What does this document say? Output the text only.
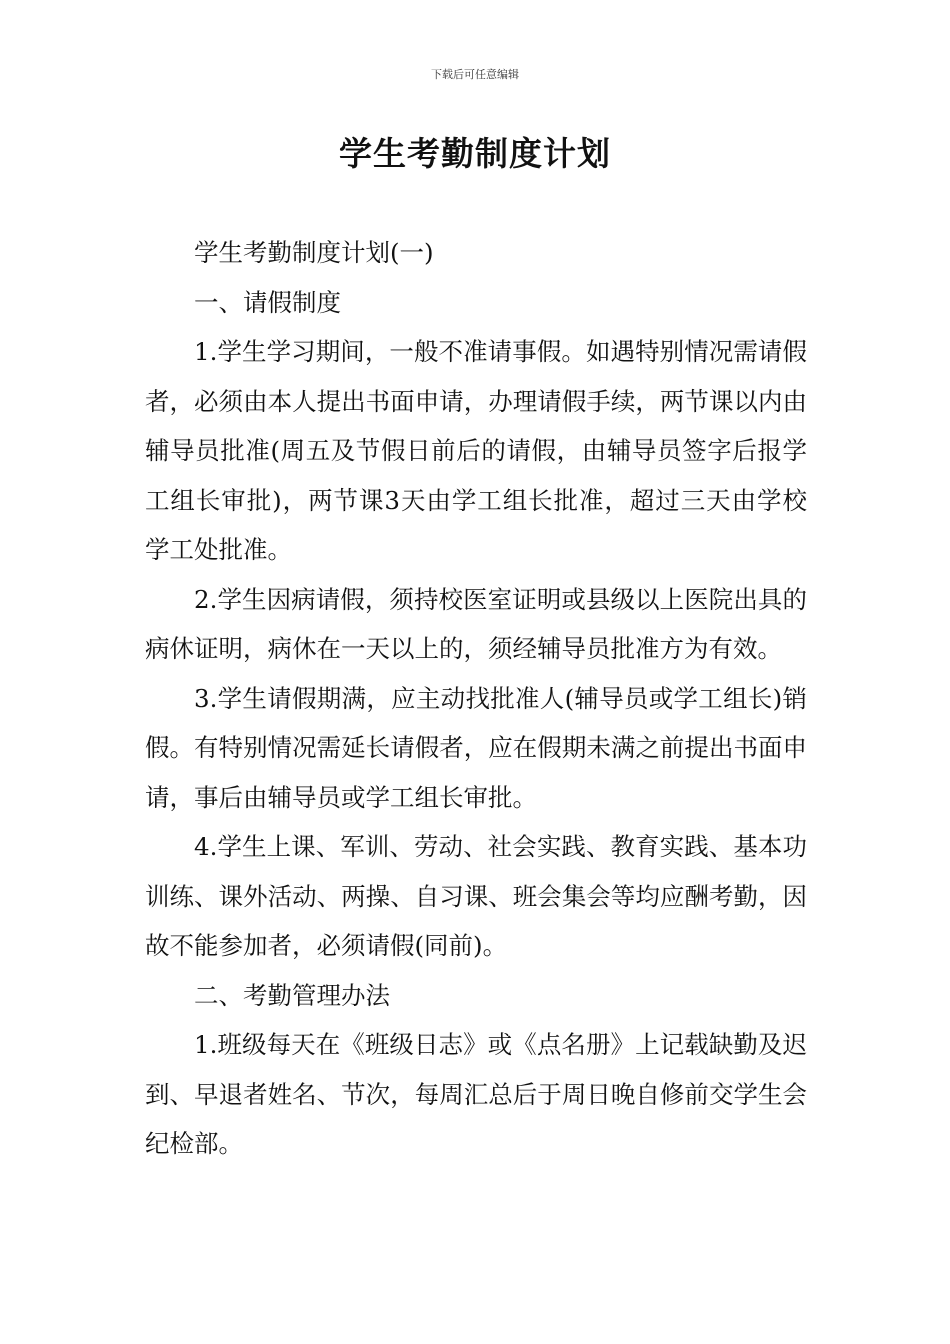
下载后可任意编辑
学生考勤制度计划

学生考勤制度计划(一)

一、请假制度

1.学生学习期间，一般不准请事假。如遇特别情况需请假者，必须由本人提出书面申请，办理请假手续，两节课以内由辅导员批准(周五及节假日前后的请假，由辅导员签字后报学工组长审批)，两节课3天由学工组长批准，超过三天由学校学工处批准。

2.学生因病请假，须持校医室证明或县级以上医院出具的病休证明，病休在一天以上的，须经辅导员批准方为有效。

3.学生请假期满，应主动找批准人(辅导员或学工组长)销假。有特别情况需延长请假者，应在假期未满之前提出书面申请，事后由辅导员或学工组长审批。

4.学生上课、军训、劳动、社会实践、教育实践、基本功训练、课外活动、两操、自习课、班会集会等均应酬考勤，因故不能参加者，必须请假(同前)。

二、考勤管理办法

1.班级每天在《班级日志》或《点名册》上记载缺勤及迟到、早退者姓名、节次，每周汇总后于周日晚自修前交学生会纪检部。
